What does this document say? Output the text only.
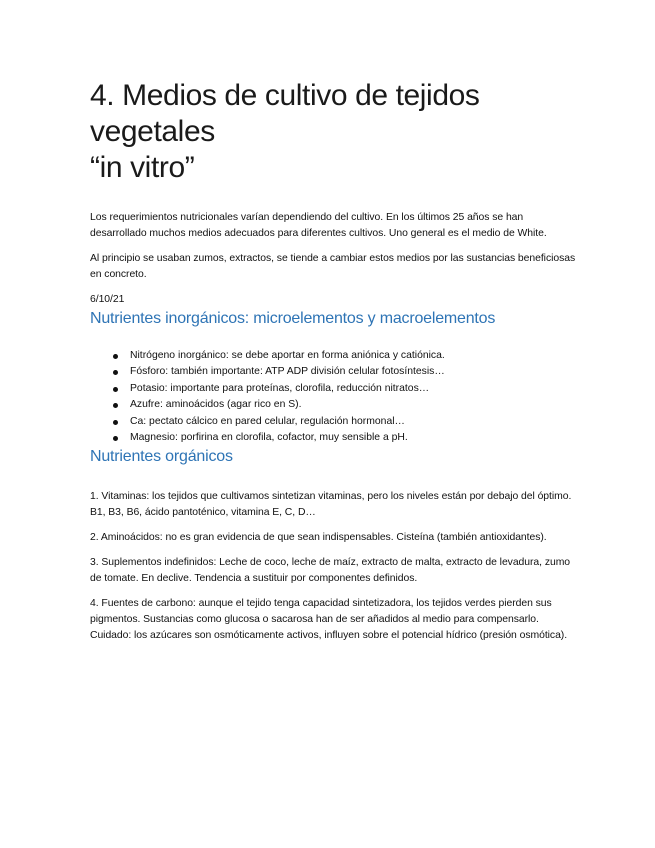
4. Medios de cultivo de tejidos vegetales
“in vitro”

Los requerimientos nutricionales varían dependiendo del cultivo. En los últimos 25 años se han desarrollado muchos medios adecuados para diferentes cultivos. Uno general es el medio de White.

Al principio se usaban zumos, extractos, se tiende a cambiar estos medios por las sustancias beneficiosas en concreto.

6/10/21

Nutrientes inorgánicos: microelementos y macroelementos
Nitrógeno inorgánico: se debe aportar en forma aniónica y catiónica.
Fósforo: también importante: ATP ADP división celular fotosíntesis…
Potasio: importante para proteínas, clorofila, reducción nitratos…
Azufre: aminoácidos (agar rico en S).
Ca: pectato cálcico en pared celular, regulación hormonal…
Magnesio: porfirina en clorofila, cofactor, muy sensible a pH.
Nutrientes orgánicos

1. Vitaminas: los tejidos que cultivamos sintetizan vitaminas, pero los niveles están por debajo del óptimo. B1, B3, B6, ácido pantoténico, vitamina E, C, D…

2. Aminoácidos: no es gran evidencia de que sean indispensables. Cisteína (también antioxidantes).

3. Suplementos indefinidos: Leche de coco, leche de maíz, extracto de malta, extracto de levadura, zumo de tomate. En declive. Tendencia a sustituir por componentes definidos.

4. Fuentes de carbono: aunque el tejido tenga capacidad sintetizadora, los tejidos verdes pierden sus pigmentos. Sustancias como glucosa o sacarosa han de ser añadidos al medio para compensarlo. Cuidado: los azúcares son osmóticamente activos, influyen sobre el potencial hídrico (presión osmótica).
